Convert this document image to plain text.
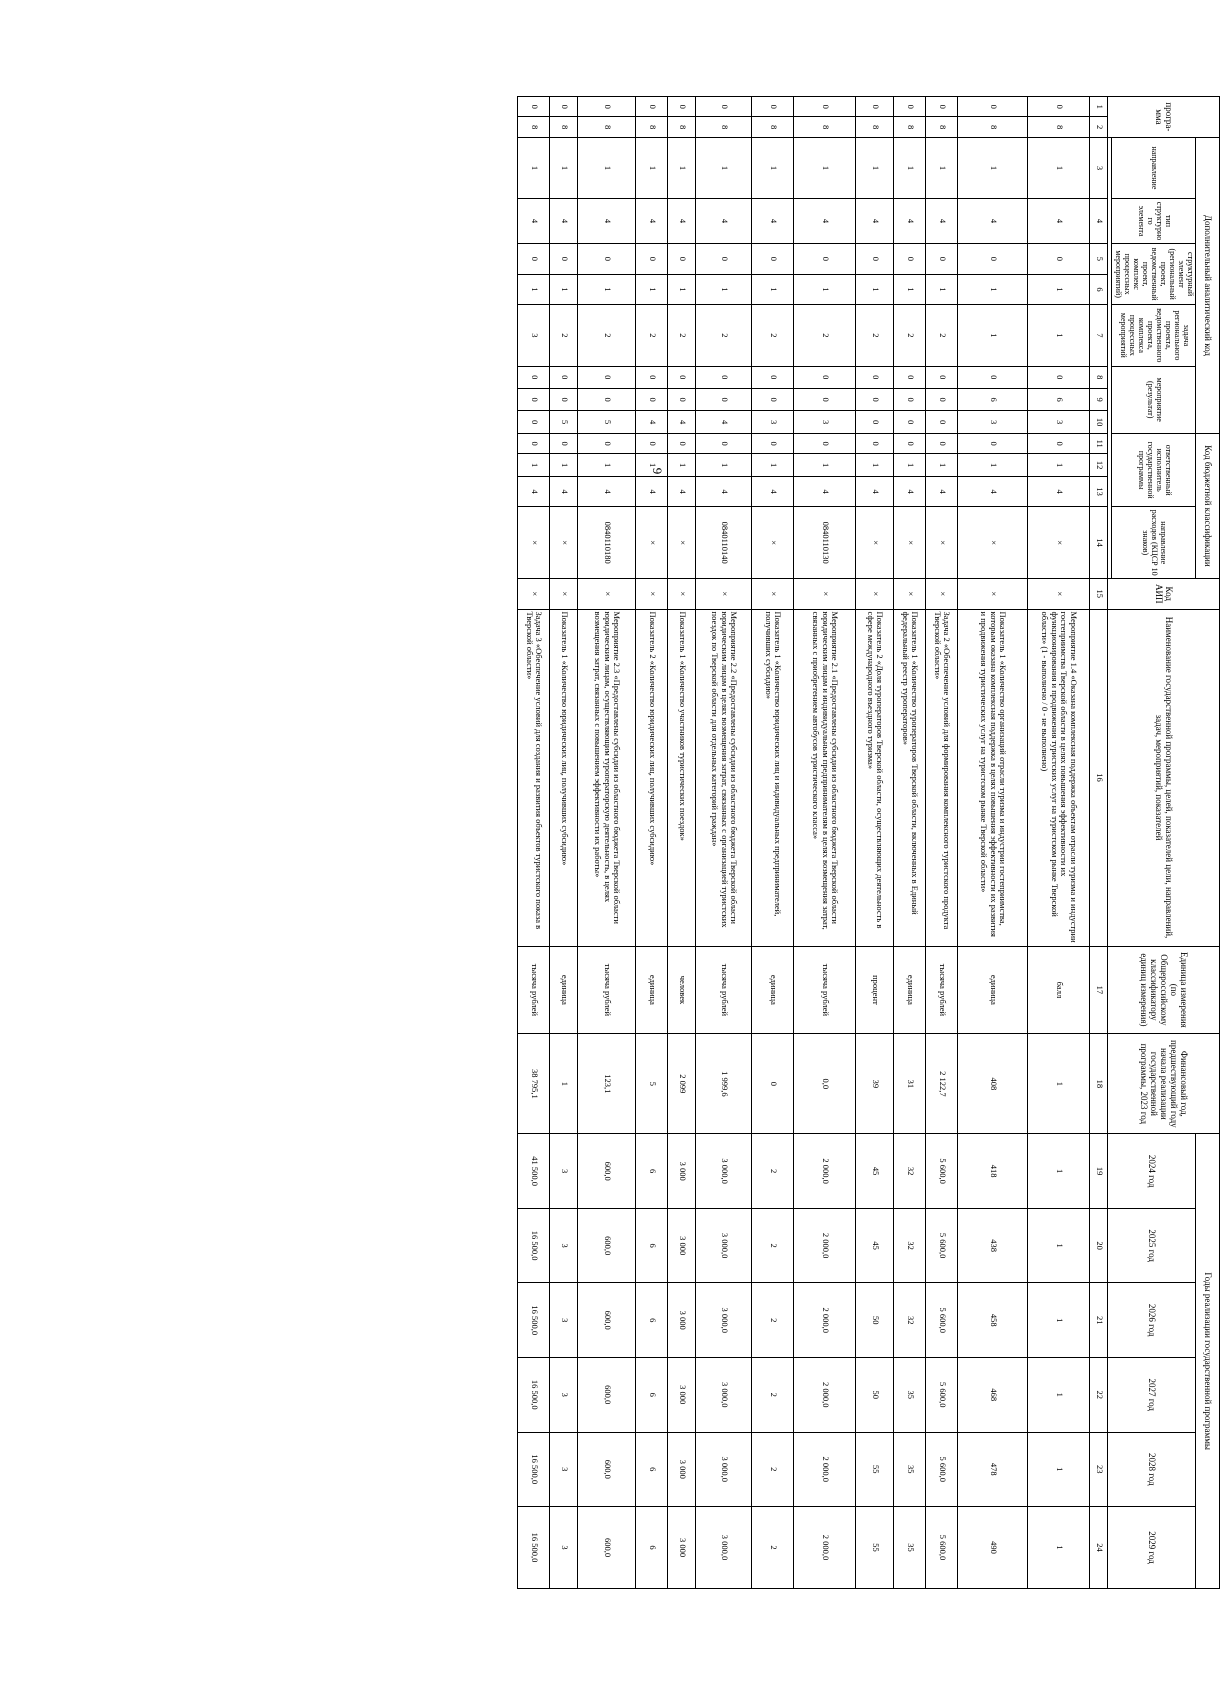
6
програ-мма		Дополнительный аналитический код								Код бюджетной классификации				Код АИП	Наименование государственной программы, целей, показателей цели, направлений, задач, мероприятий, показателей	Единица измерения (по Общероссийскому классификатору единиц измерения)	Финансовый год, предшествующий году начала реализации государственной программы, 2023 год	Годы реализации государственной программы					
		направление	тип структурного элемента	структурный элемент (региональный проект, ведомственный проект, комплекс процессных мероприятий)		задача регионального проекта, ведомственного проекта, комплекса процессных мероприятий	мероприятие (результат)			ответственный исполнитель государственной программы			направление расходов (КЦСР 10 знаков)					2024 год	2025 год	2026 год	2027 год	2028 год	2029 год

1	2	3	4	5	6	7	8	9	10	11	12	13	14	15	16	17	18	19	20	21	22	23	24
0	8	1	4	0	1	1	0	6	3	0	1	4	×	×	Мероприятие 1.4 «Оказана комплексная поддержка объектам отрасли туризма и индустрии гостеприимства Тверской области в целях повышения эффективности их функционирования и продвижения туристских услуг на туристском рынке Тверской области» (1 - выполнено / 0 - не выполнено)	балл	1	1	1	1	1	1	1
0	8	1	4	0	1	1	0	6	3	0	1	4	×	×	Показатель 1 «Количество организаций отрасли туризма и индустрии гостеприимства, которым оказана комплексная поддержка в целях повышения эффективности их развития и продвижения туристических услуг на туристском рынке Тверской области»	единица	408	418	438	458	468	478	490
0	8	1	4	0	1	2	0	0	0	0	1	4	×	×	Задача 2 «Обеспечение условий для формирования комплексного туристского продукта Тверской области»	тысяча рублей	2 122,7	5 600,0	5 600,0	5 600,0	5 600,0	5 600,0	5 600,0
0	8	1	4	0	1	2	0	0	0	0	1	4	×	×	Показатель 1 «Количество туроператоров Тверской области, включенных в Единый федеральный реестр туроператоров»	единица	31	32	32	32	35	35	35
0	8	1	4	0	1	2	0	0	0	0	1	4	×	×	Показатель 2 «Доля туроператоров Тверской области, осуществляющих деятельность в сфере международного въездного туризма»	процент	39	45	45	50	50	55	55
0	8	1	4	0	1	2	0	0	3	0	1	4	0840110130	×	Мероприятие 2.1 «Предоставлены субсидии из областного бюджета Тверской области юридическим лицам и индивидуальным предпринимателям в целях возмещения затрат, связанных с приобретением автобусов туристического класса»	тысяча рублей	0,0	2 000,0	2 000,0	2 000,0	2 000,0	2 000,0	2 000,0
0	8	1	4	0	1	2	0	0	3	0	1	4	×	×	Показатель 1 «Количество юридических лиц и индивидуальных предпринимателей, получивших субсидию»	единица	0	2	2	2	2	2	2
0	8	1	4	0	1	2	0	0	4	0	1	4	0840110140	×	Мероприятие 2.2 «Предоставлены субсидии из областного бюджета Тверской области юридическим лицам в целях возмещения затрат, связанных с организацией туристских поездок по Тверской области для отдельных категорий граждан»	тысяча рублей	1 999,6	3 000,0	3 000,0	3 000,0	3 000,0	3 000,0	3 000,0
0	8	1	4	0	1	2	0	0	4	0	1	4	×	×	Показатель 1 «Количество участников туристических поездок»	человек	2 099	3 000	3 000	3 000	3 000	3 000	3 000
0	8	1	4	0	1	2	0	0	4	0	1	4	×	×	Показатель 2 «Количество юридических лиц, получивших субсидию»	единица	5	6	6	6	6	6	6
0	8	1	4	0	1	2	0	0	5	0	1	4	0840110180	×	Мероприятие 2.3 «Предоставлены субсидии из областного бюджета Тверской области юридическим лицам, осуществляющим туроператорскую деятельность, в целях возмещения затрат, связанных с повышением эффективности их работы»	тысяча рублей	123,1	600,0	600,0	600,0	600,0	600,0	600,0
0	8	1	4	0	1	2	0	0	5	0	1	4	×	×	Показатель 1 «Количество юридических лиц, получивших субсидию»	единица	1	3	3	3	3	3	3
0	8	1	4	0	1	3	0	0	0	0	1	4	×	×	Задача 3 «Обеспечение условий для создания и развития объектов туристского показа в Тверской области»	тысяча рублей	38 795,1	41 500,0	16 500,0	16 500,0	16 500,0	16 500,0	16 500,0
